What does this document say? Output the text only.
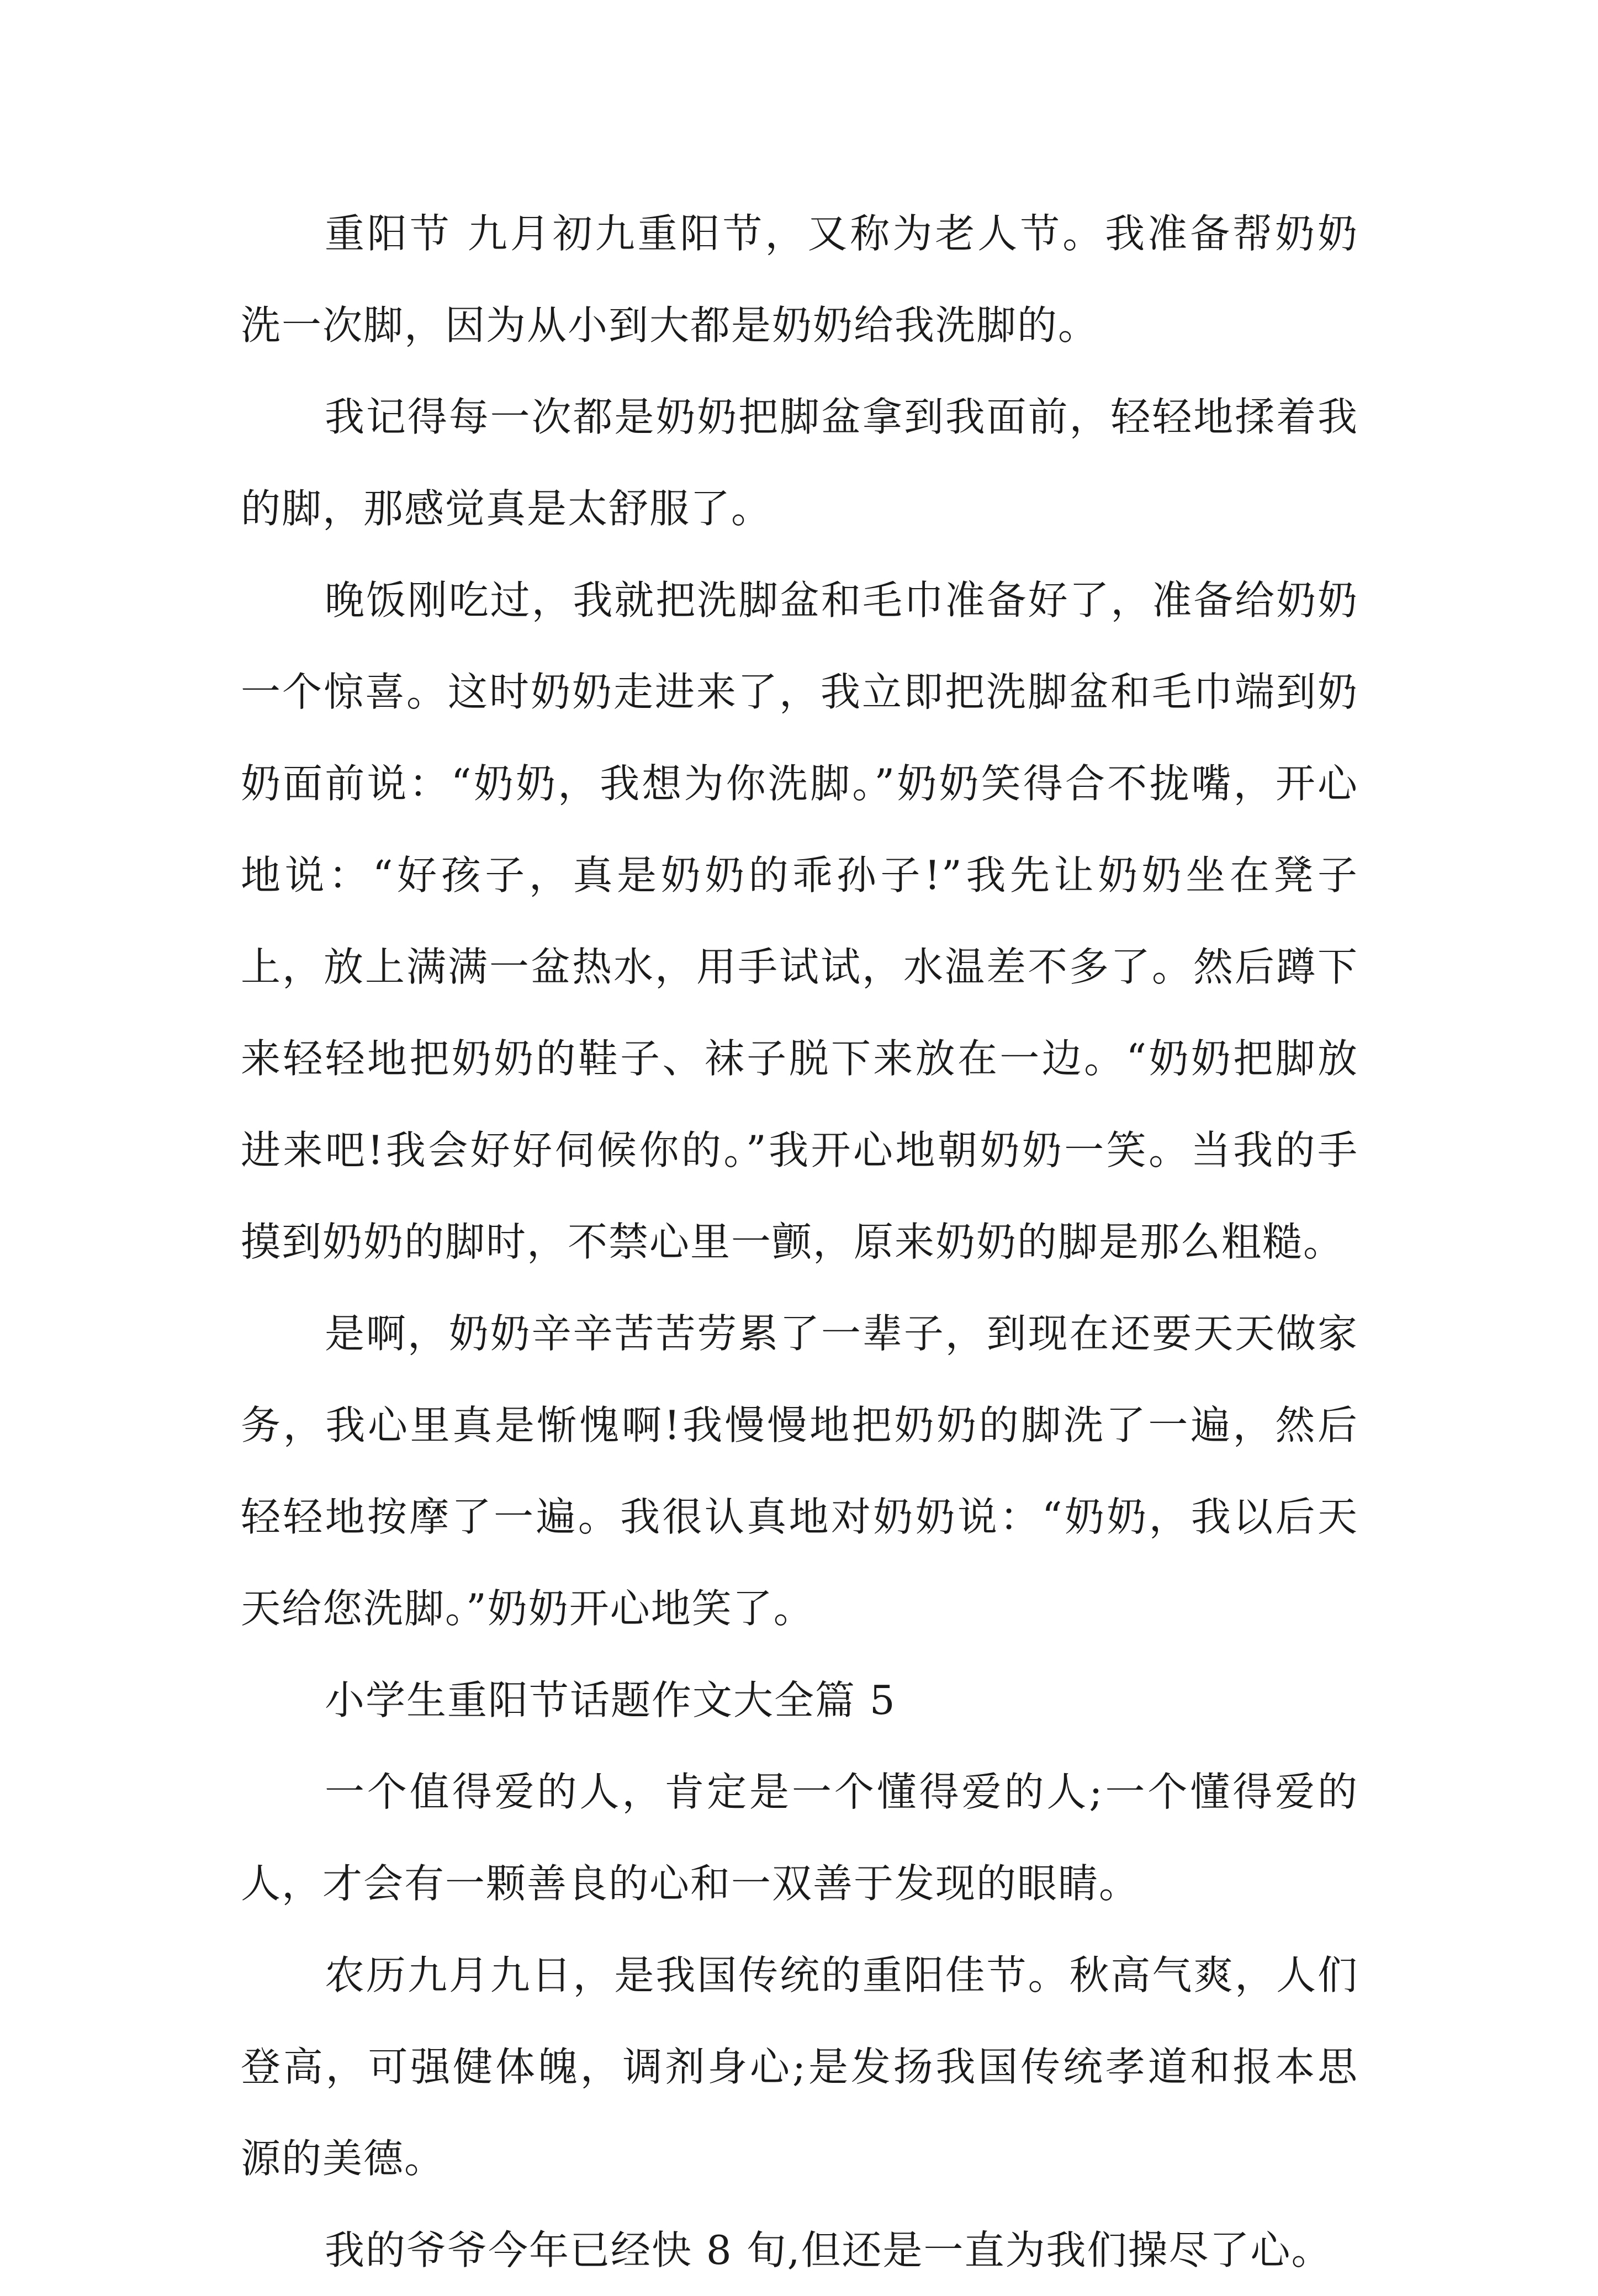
重阳节 九月初九重阳节，又称为老人节。我准备帮奶奶洗一次脚，因为从小到大都是奶奶给我洗脚的。

我记得每一次都是奶奶把脚盆拿到我面前，轻轻地揉着我的脚，那感觉真是太舒服了。

晚饭刚吃过，我就把洗脚盆和毛巾准备好了，准备给奶奶一个惊喜。这时奶奶走进来了，我立即把洗脚盆和毛巾端到奶奶面前说：“奶奶，我想为你洗脚。”奶奶笑得合不拢嘴，开心地说：“好孩子，真是奶奶的乖孙子!”我先让奶奶坐在凳子上，放上满满一盆热水，用手试试，水温差不多了。然后蹲下来轻轻地把奶奶的鞋子、袜子脱下来放在一边。“奶奶把脚放进来吧!我会好好伺候你的。”我开心地朝奶奶一笑。当我的手摸到奶奶的脚时，不禁心里一颤，原来奶奶的脚是那么粗糙。

是啊，奶奶辛辛苦苦劳累了一辈子，到现在还要天天做家务，我心里真是惭愧啊!我慢慢地把奶奶的脚洗了一遍，然后轻轻地按摩了一遍。我很认真地对奶奶说：“奶奶，我以后天天给您洗脚。”奶奶开心地笑了。

小学生重阳节话题作文大全篇 5

一个值得爱的人，肯定是一个懂得爱的人;一个懂得爱的人，才会有一颗善良的心和一双善于发现的眼睛。

农历九月九日，是我国传统的重阳佳节。秋高气爽，人们登高，可强健体魄，调剂身心;是发扬我国传统孝道和报本思源的美德。

我的爷爷今年已经快 8 旬,但还是一直为我们操尽了心。
